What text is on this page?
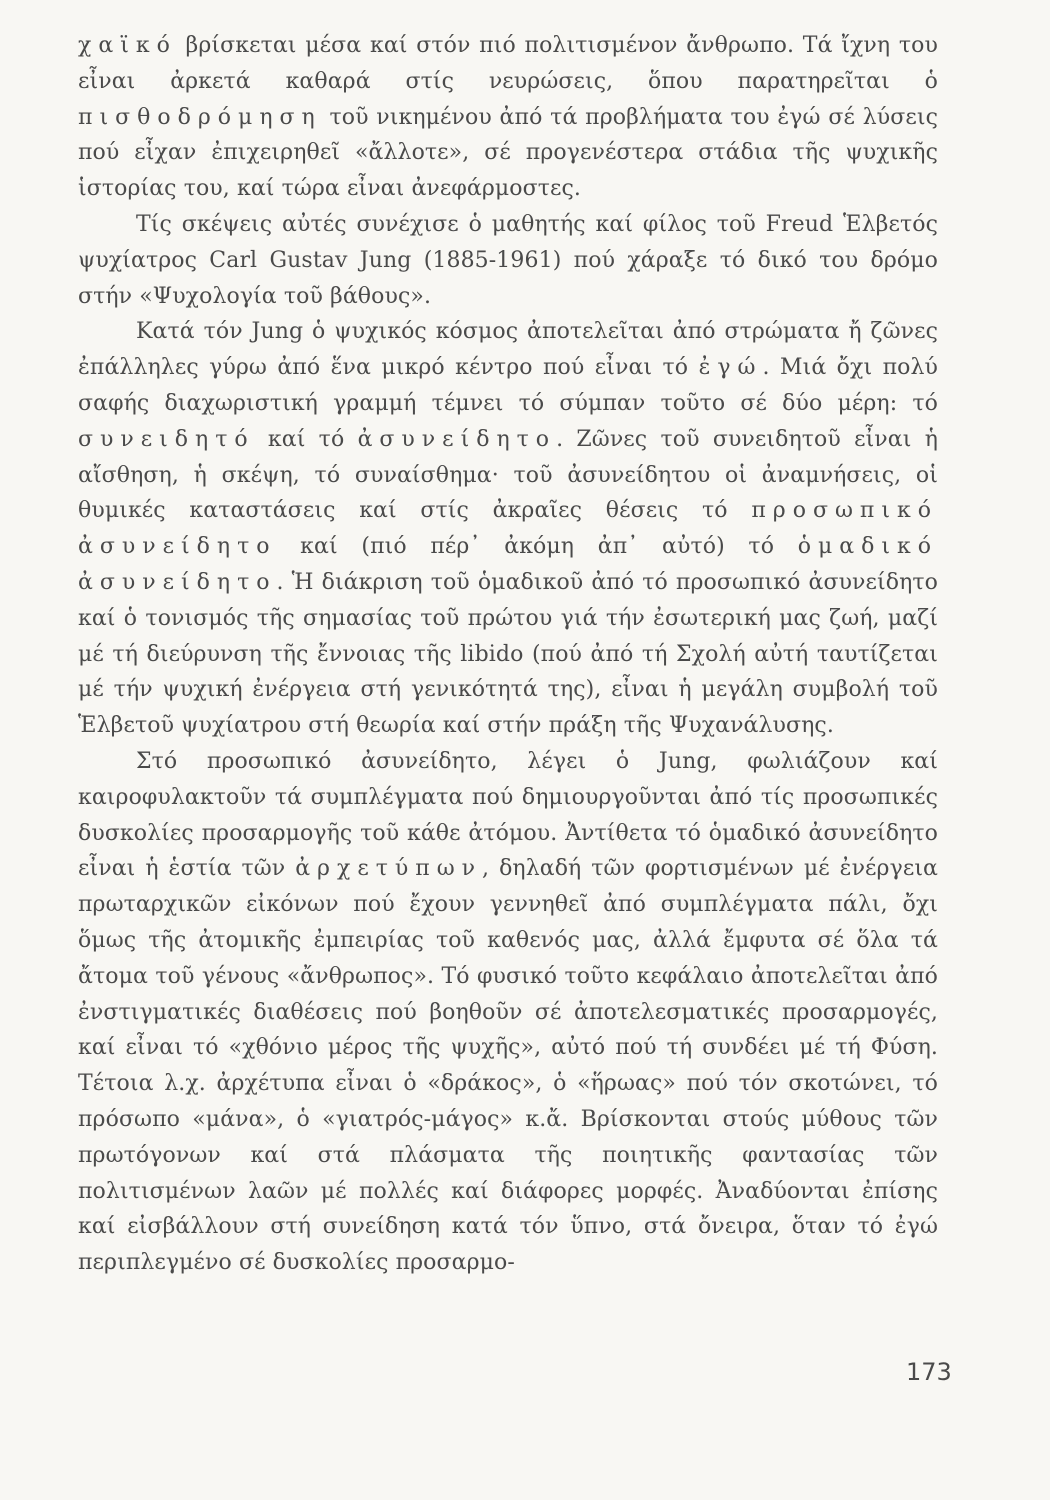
χαϊκό βρίσκεται μέσα καί στόν πιό πολιτισμένον ἄνθρωπο. Τά ἴχνη του εἶναι ἀρκετά καθαρά στίς νευρώσεις, ὅπου παρατηρεῖται ὁ πισθοδρόμηση τοῦ νικημένου ἀπό τά προβλήματα του ἐγώ σέ λύσεις πού εἶχαν ἐπιχειρηθεῖ «ἄλλοτε», σέ προγενέστερα στάδια τῆς ψυχικῆς ἱστορίας του, καί τώρα εἶναι ἀνεφάρμοστες.

Τίς σκέψεις αὐτές συνέχισε ὁ μαθητής καί φίλος τοῦ Freud Ἑλβετός ψυχίατρος Carl Gustav Jung (1885-1961) πού χάραξε τό δικό του δρόμο στήν «Ψυχολογία τοῦ βάθους».

Κατά τόν Jung ὁ ψυχικός κόσμος ἀποτελεῖται ἀπό στρώματα ἤ ζῶνες ἐπάλληλες γύρω ἀπό ἕνα μικρό κέντρο πού εἶναι τό ἐγώ. Μιά ὄχι πολύ σαφής διαχωριστική γραμμή τέμνει τό σύμπαν τοῦτο σέ δύο μέρη: τό συνειδητό καί τό ἀσυνείδητο. Ζῶνες τοῦ συνειδητοῦ εἶναι ἡ αἴσθηση, ἡ σκέψη, τό συναίσθημα· τοῦ ἀσυνείδητου οἱ ἀναμνήσεις, οἱ θυμικές καταστάσεις καί στίς ἀκραῖες θέσεις τό προσωπικό ἀσυνείδητο καί (πιό πέρ᾽ ἀκόμη ἀπ᾽ αὐτό) τό ὁμαδικό ἀσυνείδητο. Ἡ διάκριση τοῦ ὁμαδικοῦ ἀπό τό προσωπικό ἀσυνείδητο καί ὁ τονισμός τῆς σημασίας τοῦ πρώτου γιά τήν ἐσωτερική μας ζωή, μαζί μέ τή διεύρυνση τῆς ἔννοιας τῆς libido (πού ἀπό τή Σχολή αὐτή ταυτίζεται μέ τήν ψυχική ἐνέργεια στή γενικότητά της), εἶναι ἡ μεγάλη συμβολή τοῦ Ἑλβετοῦ ψυχίατρου στή θεωρία καί στήν πράξη τῆς Ψυχανάλυσης.

Στό προσωπικό ἀσυνείδητο, λέγει ὁ Jung, φωλιάζουν καί καιροφυλακτοῦν τά συμπλέγματα πού δημιουργοῦνται ἀπό τίς προσωπικές δυσκολίες προσαρμογῆς τοῦ κάθε ἀτόμου. Ἀντίθετα τό ὁμαδικό ἀσυνείδητο εἶναι ἡ ἑστία τῶν ἀρχετύπων, δηλαδή τῶν φορτισμένων μέ ἐνέργεια πρωταρχικῶν εἰκόνων πού ἔχουν γεννηθεῖ ἀπό συμπλέγματα πάλι, ὄχι ὅμως τῆς ἀτομικῆς ἐμπειρίας τοῦ καθενός μας, ἀλλά ἔμφυτα σέ ὅλα τά ἄτομα τοῦ γένους «ἄνθρωπος». Τό φυσικό τοῦτο κεφάλαιο ἀποτελεῖται ἀπό ἐνστιγματικές διαθέσεις πού βοηθοῦν σέ ἀποτελεσματικές προσαρμογές, καί εἶναι τό «χθόνιο μέρος τῆς ψυχῆς», αὐτό πού τή συνδέει μέ τή Φύση. Τέτοια λ.χ. ἀρχέτυπα εἶναι ὁ «δράκος», ὁ «ἥρωας» πού τόν σκοτώνει, τό πρόσωπο «μάνα», ὁ «γιατρός-μάγος» κ.ἄ. Βρίσκονται στούς μύθους τῶν πρωτόγονων καί στά πλάσματα τῆς ποιητικῆς φαντασίας τῶν πολιτισμένων λαῶν μέ πολλές καί διάφορες μορφές. Ἀναδύονται ἐπίσης καί εἰσβάλλουν στή συνείδηση κατά τόν ὕπνο, στά ὄνειρα, ὅταν τό ἐγώ περιπλεγμένο σέ δυσκολίες προσαρμο-

173
